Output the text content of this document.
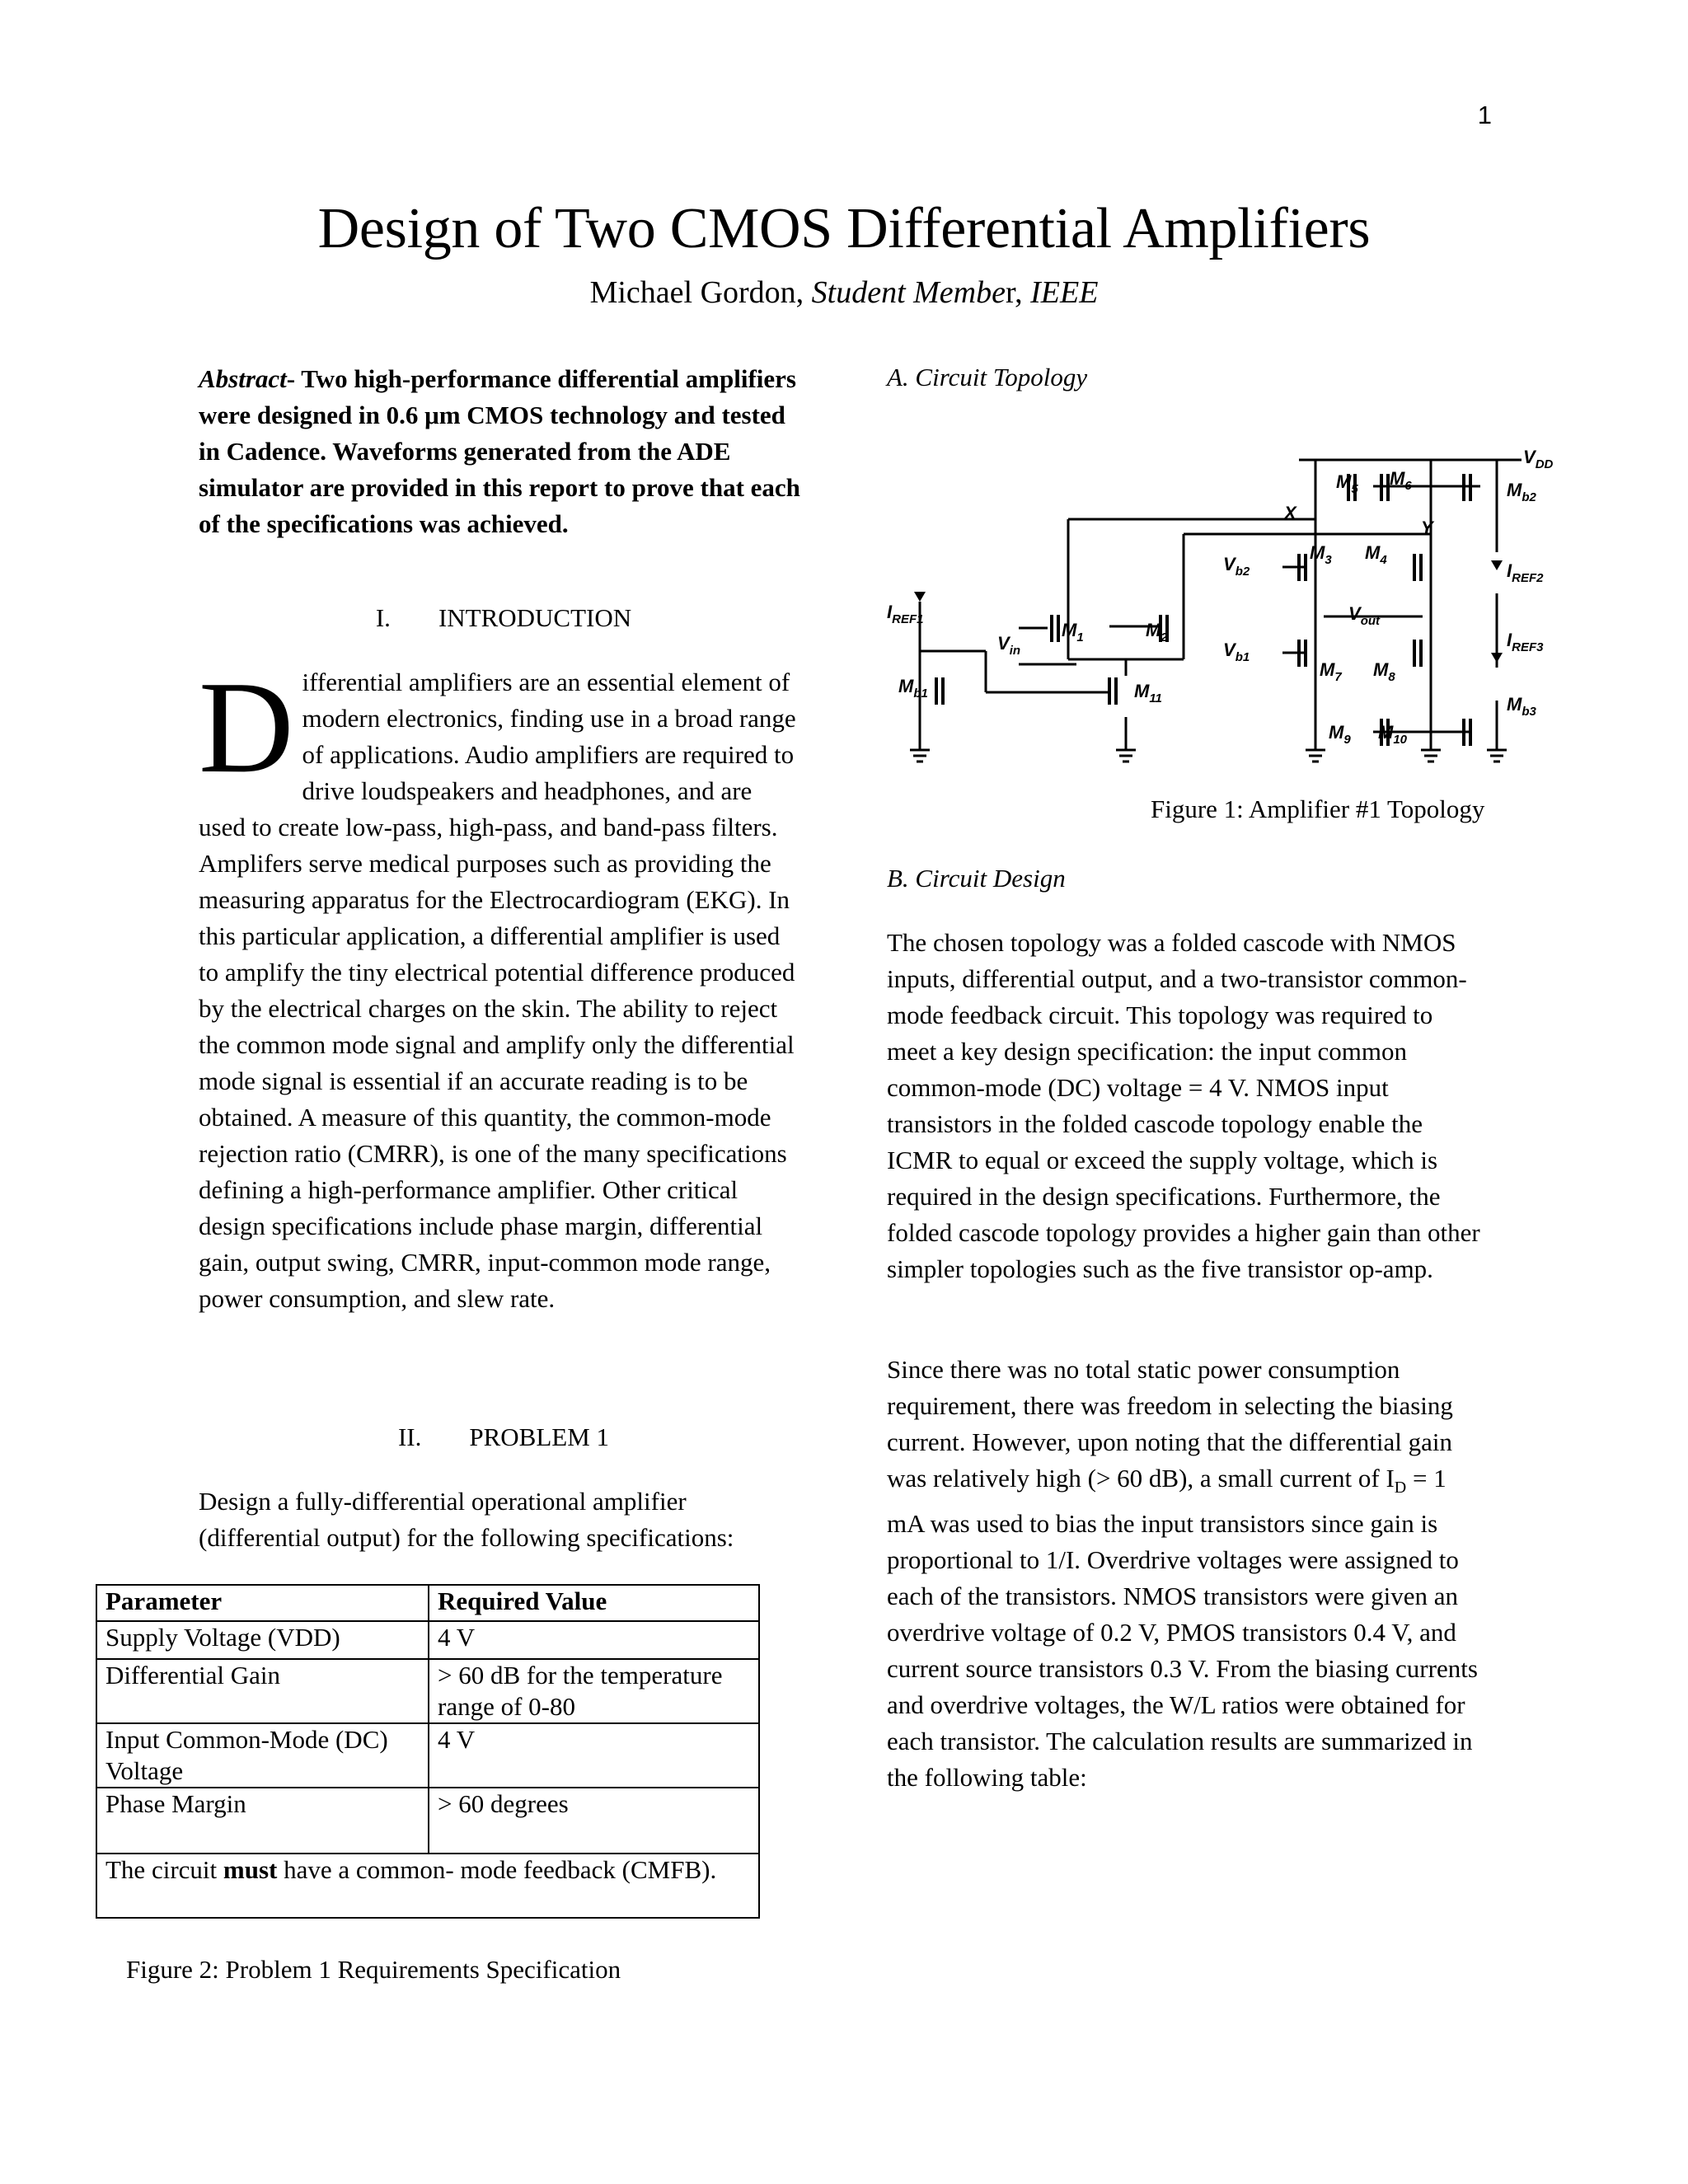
1
Design of Two CMOS Differential Amplifiers
Michael Gordon, Student Member, IEEE
Abstract- Two high-performance differential amplifiers were designed in 0.6 μm CMOS technology and tested in Cadence. Waveforms generated from the ADE simulator are provided in this report to prove that each of the specifications was achieved.
I. INTRODUCTION
Differential amplifiers are an essential element of modern electronics, finding use in a broad range of applications. Audio amplifiers are required to drive loudspeakers and headphones, and are used to create low-pass, high-pass, and band-pass filters. Amplifers serve medical purposes such as providing the measuring apparatus for the Electrocardiogram (EKG). In this particular application, a differential amplifier is used to amplify the tiny electrical potential difference produced by the electrical charges on the skin. The ability to reject the common mode signal and amplify only the differential mode signal is essential if an accurate reading is to be obtained. A measure of this quantity, the common-mode rejection ratio (CMRR), is one of the many specifications defining a high-performance amplifier. Other critical design specifications include phase margin, differential gain, output swing, CMRR, input-common mode range, power consumption, and slew rate.
II. PROBLEM 1
Design a fully-differential operational amplifier (differential output) for the following specifications:
Parameter	Required Value
Supply Voltage (VDD)	4 V
Differential Gain	> 60 dB for the temperature range of 0-80
Input Common-Mode (DC) Voltage	4 V
Phase Margin	> 60 degrees
The circuit must have a common- mode feedback (CMFB).	
Figure 2: Problem 1 Requirements Specification
A. Circuit Topology
$V_{DD}$
$M_5$
$M_6$	$M_{b2}$
X
Y
$V_{b2}$
$M_3$ $M_4$
$I_{REF2}$
$I_{REF1}$
$M_1$	$M_2$
$V_{out}$
$V_{in}$	$V_{b1}$
$I_{REF3}$
$M_{b1}$	$M_{11}$
$M_7$ $M_8$
$M_{b3}$
$M_9$ $M_{10}$
Figure 1: Amplifier #1 Topology
B. Circuit Design
The chosen topology was a folded cascode with NMOS inputs, differential output, and a two-transistor common-mode feedback circuit. This topology was required to meet a key design specification: the input common common-mode (DC) voltage = 4 V. NMOS input transistors in the folded cascode topology enable the ICMR to equal or exceed the supply voltage, which is required in the design specifications. Furthermore, the folded cascode topology provides a higher gain than other simpler topologies such as the five transistor op-amp.
Since there was no total static power consumption requirement, there was freedom in selecting the biasing current. However, upon noting that the differential gain was relatively high (> 60 dB), a small current of $I_D = 1$ mA was used to bias the input transistors since gain is proportional to 1/I. Overdrive voltages were assigned to each of the transistors. NMOS transistors were given an overdrive voltage of 0.2 V, PMOS transistors 0.4 V, and current source transistors 0.3 V. From the biasing currents and overdrive voltages, the W/L ratios were obtained for each transistor. The calculation results are summarized in the following table:
